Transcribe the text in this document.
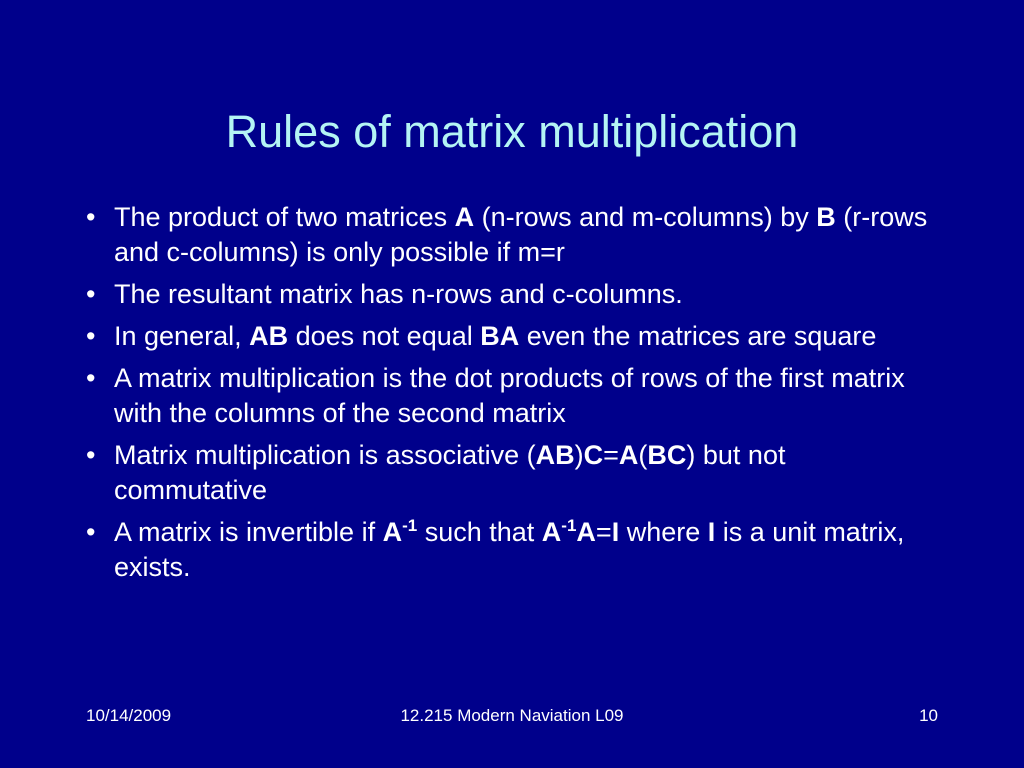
Rules of matrix multiplication
• The product of two matrices A (n-rows and m-columns) by B (r-rows and c-columns) is only possible if m=r
• The resultant matrix has n-rows and c-columns.
• In general, AB does not equal BA even the matrices are square
• A matrix multiplication is the dot products of rows of the first matrix with the columns of the second matrix
• Matrix multiplication is associative (AB)C=A(BC) but not commutative
• A matrix is invertible if $A^{-1}$ such that $A^{-1}A=I$ where I is a unit matrix, exists.
10/14/2009	12.215 Modern Naviation L09	10
